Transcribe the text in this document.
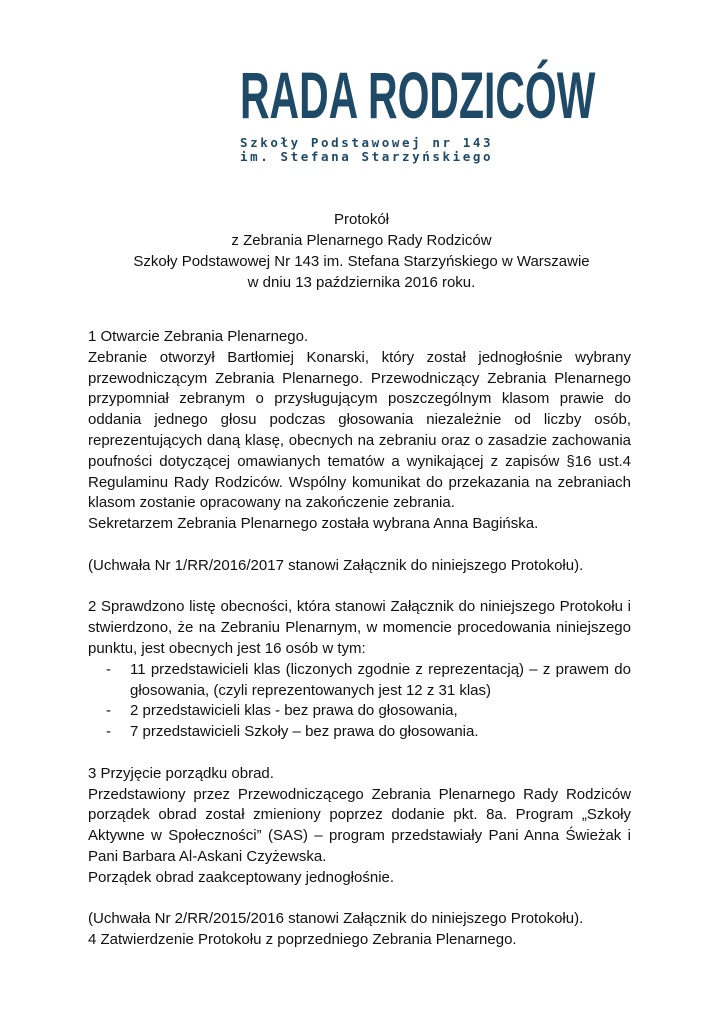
RADA RODZICÓW
Szkoły Podstawowej nr 143
im. Stefana Starzyńskiego
Protokół
z Zebrania Plenarnego Rady Rodziców
Szkoły Podstawowej Nr 143 im. Stefana Starzyńskiego w Warszawie
w dniu 13 października 2016 roku.

1 Otwarcie Zebrania Plenarnego.

Zebranie otworzył Bartłomiej Konarski, który został jednogłośnie wybrany przewodniczącym Zebrania Plenarnego. Przewodniczący Zebrania Plenarnego przypomniał zebranym o przysługującym poszczególnym klasom prawie do oddania jednego głosu podczas głosowania niezależnie od liczby osób, reprezentujących daną klasę, obecnych na zebraniu oraz o zasadzie zachowania poufności dotyczącej omawianych tematów a wynikającej z zapisów §16 ust.4 Regulaminu Rady Rodziców. Wspólny komunikat do przekazania na zebraniach klasom zostanie opracowany na zakończenie zebrania.

Sekretarzem Zebrania Plenarnego została wybrana Anna Bagińska.

(Uchwała Nr 1/RR/2016/2017 stanowi Załącznik do niniejszego Protokołu).

2 Sprawdzono listę obecności, która stanowi Załącznik do niniejszego Protokołu i stwierdzono, że na Zebraniu Plenarnym, w momencie procedowania niniejszego punktu, jest obecnych jest 16 osób w tym:

- 11 przedstawicieli klas (liczonych zgodnie z reprezentacją) – z prawem do głosowania, (czyli reprezentowanych jest 12 z 31 klas)
- 2 przedstawicieli klas - bez prawa do głosowania,
- 7 przedstawicieli Szkoły – bez prawa do głosowania.

3 Przyjęcie porządku obrad.

Przedstawiony przez Przewodniczącego Zebrania Plenarnego Rady Rodziców porządek obrad został zmieniony poprzez dodanie pkt. 8a. Program „Szkoły Aktywne w Społeczności” (SAS) – program przedstawiały Pani Anna Śwież‌ak i Pani Barbara Al-Askani Czyżewska.

Porządek obrad zaakceptowany jednogłośnie.

(Uchwała Nr 2/RR/2015/2016 stanowi Załącznik do niniejszego Protokołu).

4 Zatwierdzenie Protokołu z poprzedniego Zebrania Plenarnego.
